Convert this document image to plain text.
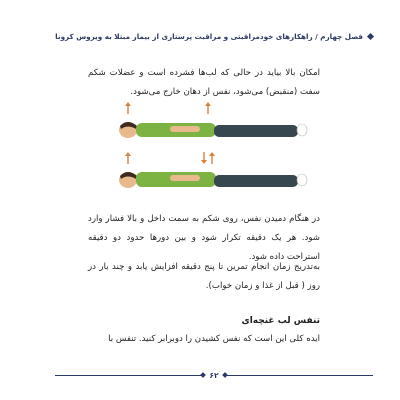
فصل چهارم / راهکارهای خودمراقبتی و مراقبت پرستاری از بیمار مبتلا به ویروس کرونا
امکان بالا بیاید در حالی که لب‌ها فشرده است و عضلات شکم سفت (منقبض) می‌شود، نفس از دهان خارج می‌شود.
در هنگام دمیدن نفس، روی شکم به سمت داخل و بالا فشار وارد شود. هر یک دقیقه تکرار شود و بین دورها حدود دو دقیقه استراحت داده شود.
به‌تدریج زمان انجام تمرین تا پنج دقیقه افزایش یابد و چند بار در روز ( قبل از غذا و زمان خواب).
تنفس لب غنچه‌ای
ایده کلی این است که نفس کشیدن را دوبرابر کنید. تنفس با
۶۲
